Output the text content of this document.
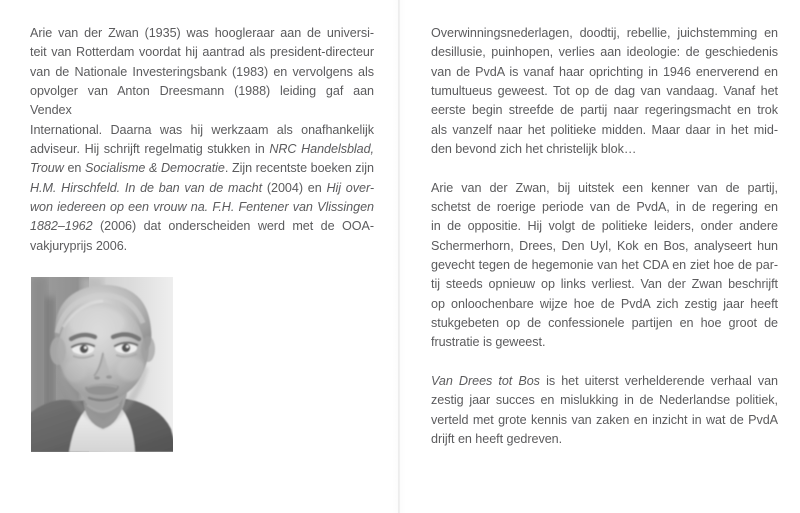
Arie van der Zwan (1935) was hoogleraar aan de universi-
teit van Rotterdam voordat hij aantrad als president-directeur
van de Nationale Investeringsbank (1983) en vervolgens als
opvolger van Anton Dreesmann (1988) leiding gaf aan Vendex
International. Daarna was hij werkzaam als onafhankelijk
adviseur. Hij schrijft regelmatig stukken in NRC Handelsblad,
Trouw en Socialisme & Democratie. Zijn recentste boeken zijn
H.M. Hirschfeld. In de ban van de macht (2004) en Hij over-
won iedereen op een vrouw na. F.H. Fentener van Vlissingen
1882–1962 (2006) dat onderscheiden werd met de OOA-
vakjuryprijs 2006.

Overwinningsnederlagen, doodtij, rebellie, juichstemming en
desillusie, puinhopen, verlies aan ideologie: de geschiedenis
van de PvdA is vanaf haar oprichting in 1946 enerverend en
tumultueus geweest. Tot op de dag van vandaag. Vanaf het
eerste begin streefde de partij naar regeringsmacht en trok
als vanzelf naar het politieke midden. Maar daar in het mid-
den bevond zich het christelijk blok…

Arie van der Zwan, bij uitstek een kenner van de partij,
schetst de roerige periode van de PvdA, in de regering en
in de oppositie. Hij volgt de politieke leiders, onder andere
Schermerhorn, Drees, Den Uyl, Kok en Bos, analyseert hun
gevecht tegen de hegemonie van het CDA en ziet hoe de par-
tij steeds opnieuw op links verliest. Van der Zwan beschrijft
op onloochenbare wijze hoe de PvdA zich zestig jaar heeft
stukgebeten op de confessionele partijen en hoe groot de
frustratie is geweest.

Van Drees tot Bos is het uiterst verhelderende verhaal van
zestig jaar succes en mislukking in de Nederlandse politiek,
verteld met grote kennis van zaken en inzicht in wat de PvdA
drijft en heeft gedreven.
